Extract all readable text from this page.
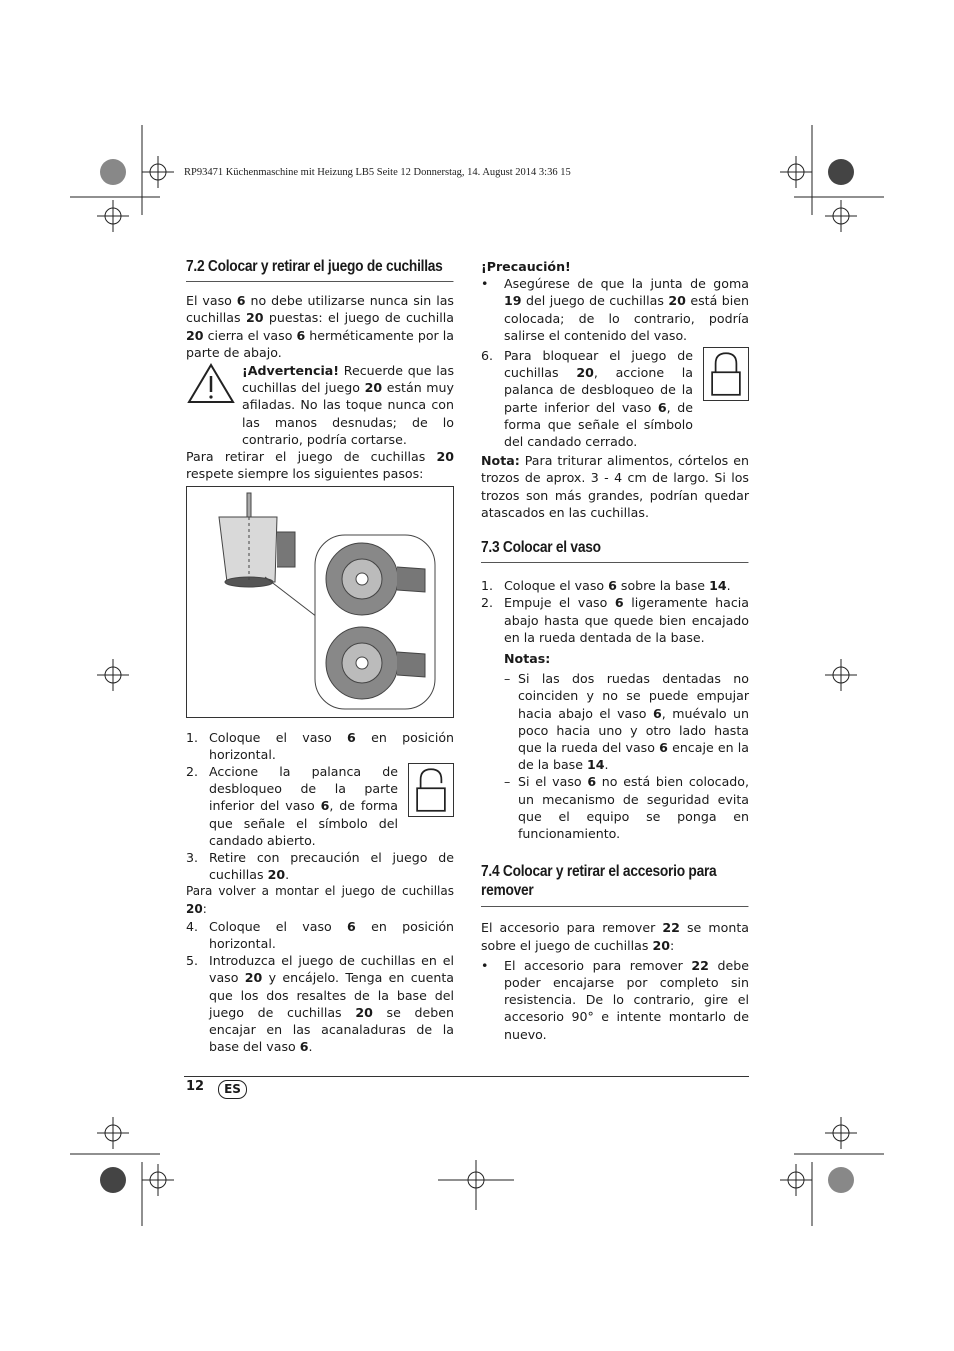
RP93471 Küchenmaschine mit Heizung LB5 Seite 12 Donnerstag, 14. August 2014 3:36 15
7.2 Colocar y retirar el juego de cuchillas

El vaso 6 no debe utilizarse nunca sin las cuchillas 20 puestas: el juego de cuchilla 20 cierra el vaso 6 herméticamente por la parte de abajo.

¡Advertencia! Recuerde que las cuchillas del juego 20 están muy afiladas. No las toque nunca con las manos desnudas; de lo contrario, podría cortarse.

Para retirar el juego de cuchillas 20 respete siempre los siguientes pasos:

1. Coloque el vaso 6 en posición horizontal.
2. Accione la palanca de desbloqueo de la parte inferior del vaso 6, de forma que señale el símbolo del candado abierto.
3. Retire con precaución el juego de cuchillas 20.

Para volver a montar el juego de cuchillas 20:

4. Coloque el vaso 6 en posición horizontal.
5. Introduzca el juego de cuchillas en el vaso 20 y encájelo. Tenga en cuenta que los dos resaltes de la base del juego de cuchillas 20 se deben encajar en las acanaladuras de la base del vaso 6.
¡Precaución!
•	Asegúrese de que la junta de goma 19 del juego de cuchillas 20 está bien colocada; de lo contrario, podría salirse el contenido del vaso.
6. Para bloquear el juego de cuchillas 20, accione la palanca de desbloqueo de la parte inferior del vaso 6, de forma que señale el símbolo del candado cerrado.

Nota: Para triturar alimentos, córtelos en trozos de aprox. 3 - 4 cm de largo. Si los trozos son más grandes, podrían quedar atascados en las cuchillas.

7.3 Colocar el vaso
1. Coloque el vaso 6 sobre la base 14.
2. Empuje el vaso 6 ligeramente hacia abajo hasta que quede bien encajado en la rueda dentada de la base.
Notas:
– Si las dos ruedas dentadas no coinciden y no se puede empujar hacia abajo el vaso 6, muévalo un poco hacia uno y otro lado hasta que la rueda del vaso 6 encaje en la de la base 14.
– Si el vaso 6 no está bien colocado, un mecanismo de seguridad evita que el equipo se ponga en funcionamiento.
7.4 Colocar y retirar el accesorio para remover

El accesorio para remover 22 se monta sobre el juego de cuchillas 20:

•	El accesorio para remover 22 debe poder encajarse por completo sin resistencia. De lo contrario, gire el accesorio 90° e intente montarlo de nuevo.
12	ES
